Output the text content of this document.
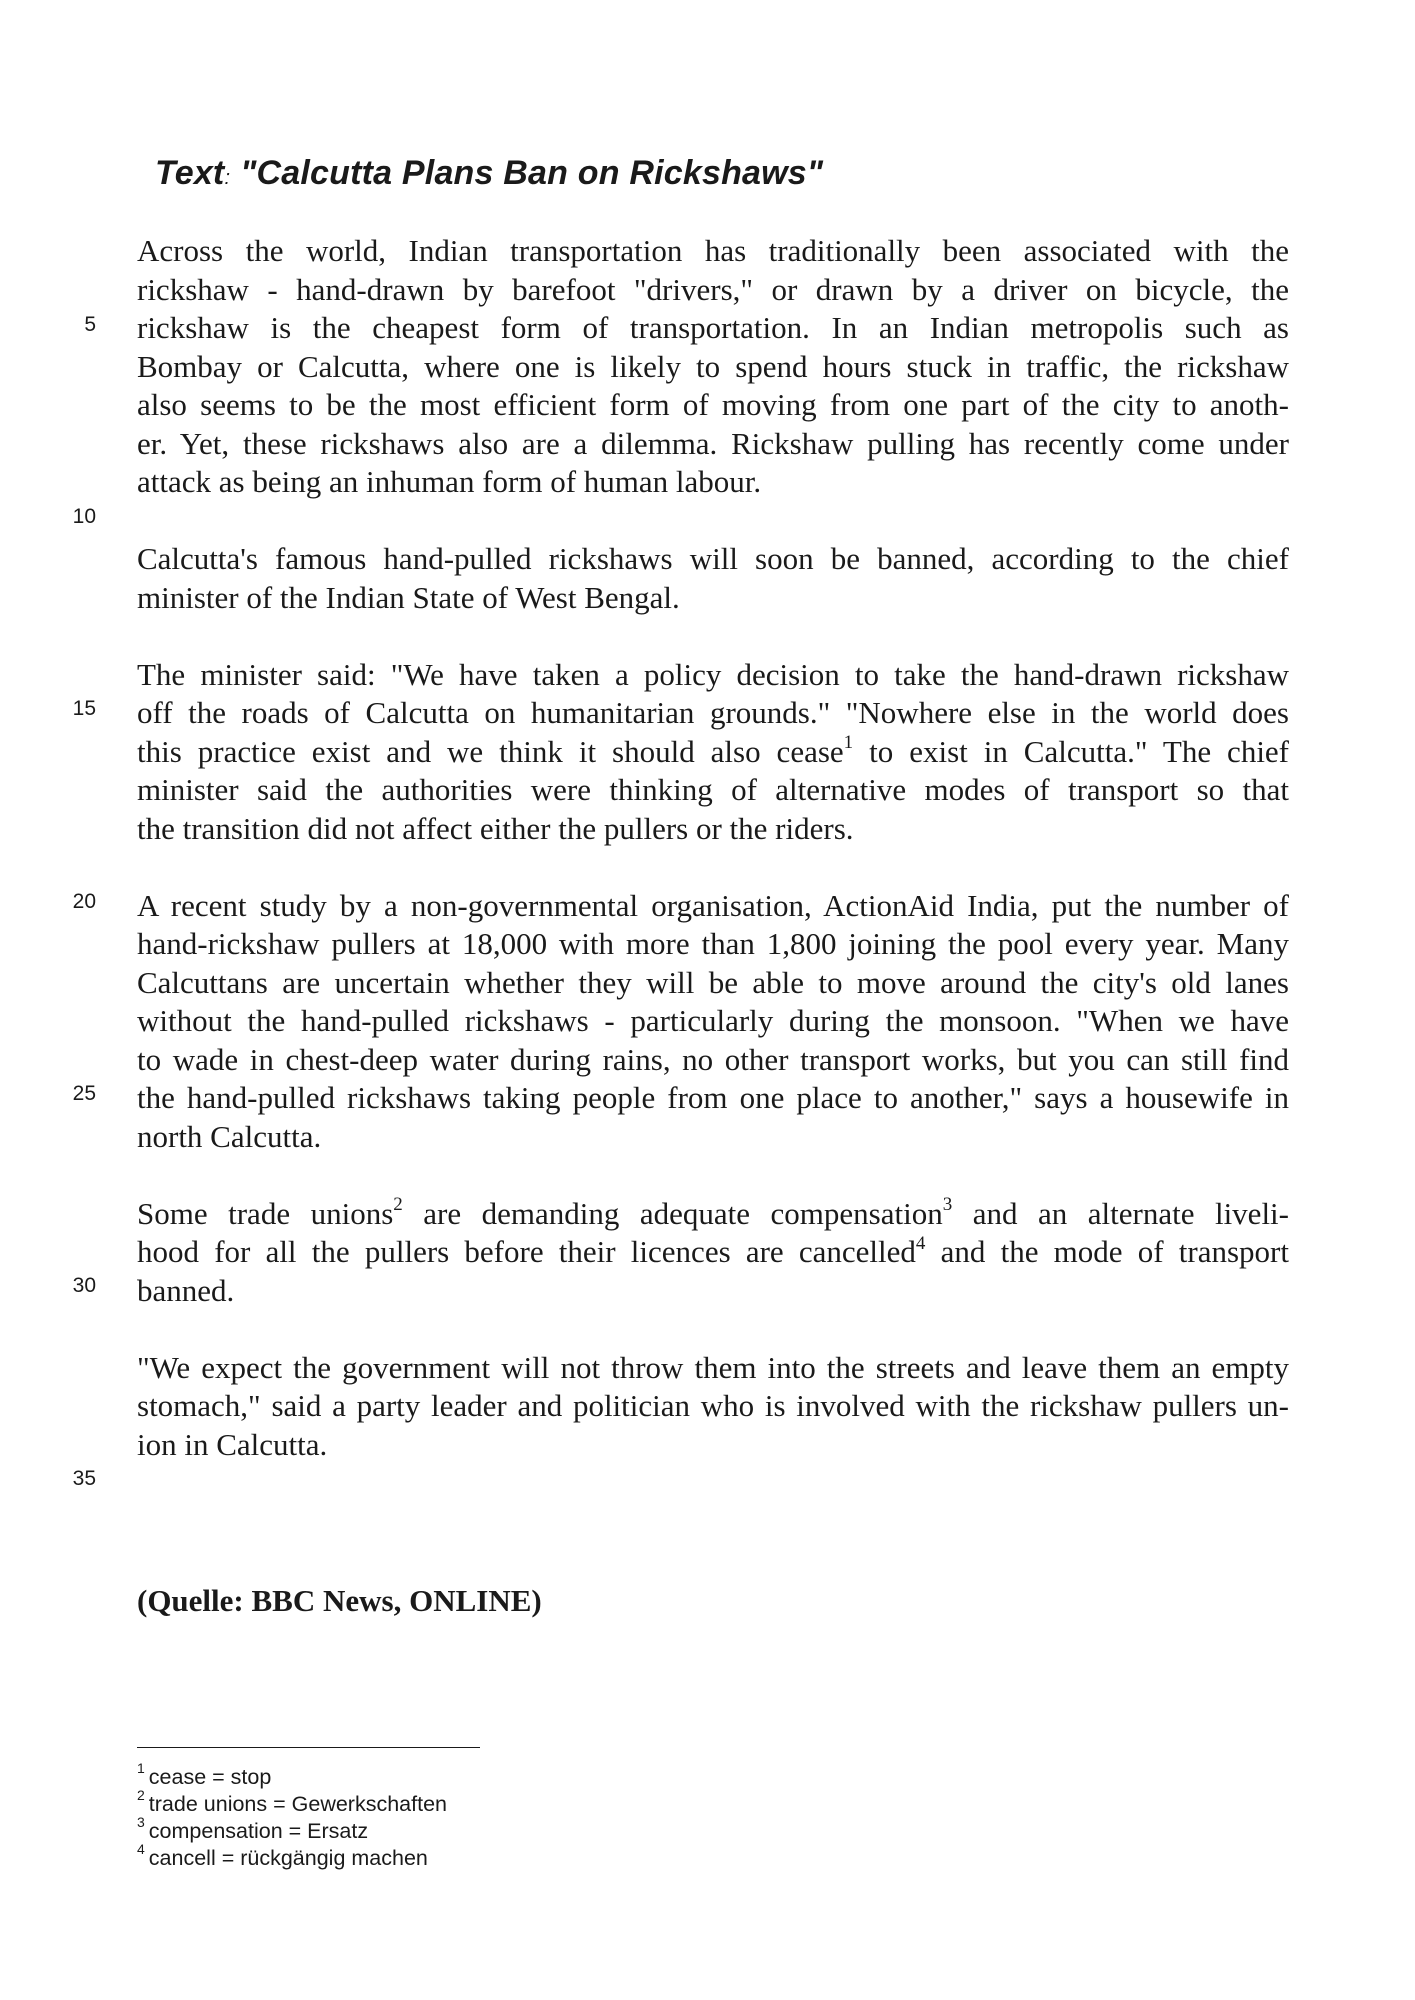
Text: "Calcutta Plans Ban on Rickshaws"
5
10
15
20
25
30
35
Across the world, Indian transportation has traditionally been associated with the
rickshaw - hand-drawn by barefoot "drivers," or drawn by a driver on bicycle, the
rickshaw is the cheapest form of transportation. In an Indian metropolis such as
Bombay or Calcutta, where one is likely to spend hours stuck in traffic, the rickshaw
also seems to be the most efficient form of moving from one part of the city to anoth-
er. Yet, these rickshaws also are a dilemma. Rickshaw pulling has recently come under
attack as being an inhuman form of human labour.
Calcutta's famous hand-pulled rickshaws will soon be banned, according to the chief
minister of the Indian State of West Bengal.
The minister said: "We have taken a policy decision to take the hand-drawn rickshaw
off the roads of Calcutta on humanitarian grounds." "Nowhere else in the world does
this practice exist and we think it should also cease$^1$ to exist in Calcutta." The chief
minister said the authorities were thinking of alternative modes of transport so that
the transition did not affect either the pullers or the riders.
A recent study by a non-governmental organisation, ActionAid India, put the number of
hand-rickshaw pullers at 18,000 with more than 1,800 joining the pool every year. Many
Calcuttans are uncertain whether they will be able to move around the city's old lanes
without the hand-pulled rickshaws - particularly during the monsoon. "When we have
to wade in chest-deep water during rains, no other transport works, but you can still find
the hand-pulled rickshaws taking people from one place to another," says a housewife in
north Calcutta.
Some trade unions$^2$ are demanding adequate compensation$^3$ and an alternate liveli-
hood for all the pullers before their licences are cancelled$^4$ and the mode of transport
banned.
"We expect the government will not throw them into the streets and leave them an empty
stomach," said a party leader and politician who is involved with the rickshaw pullers un-
ion in Calcutta.
(Quelle: BBC News, ONLINE)
$^1$ cease = stop
$^2$ trade unions = Gewerkschaften
$^3$ compensation = Ersatz
$^4$ cancell = rückgängig machen
